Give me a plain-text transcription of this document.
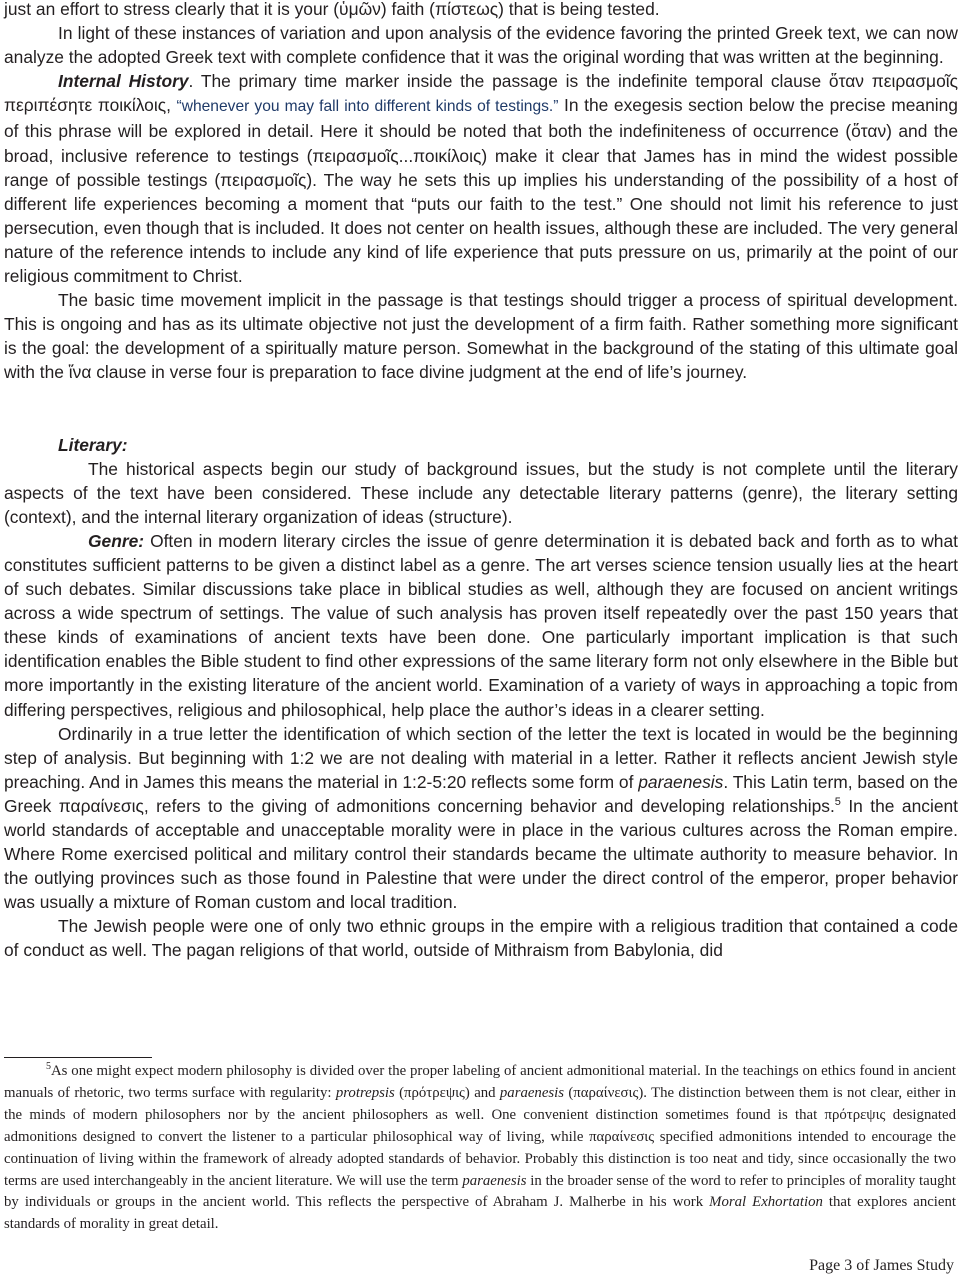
just an effort to stress clearly that it is your (ὑμῶν) faith (πίστεως) that is being tested.

In light of these instances of variation and upon analysis of the evidence favoring the printed Greek text, we can now analyze the adopted Greek text with complete confidence that it was the original wording that was written at the beginning.

Internal History. The primary time marker inside the passage is the indefinite temporal clause ὅταν πειρασμοῖς περιπέσητε ποικίλοις, “whenever you may fall into different kinds of testings.” In the exegesis section below the precise meaning of this phrase will be explored in detail. Here it should be noted that both the indefiniteness of occurrence (ὅταν) and the broad, inclusive reference to testings (πειρασμοῖς...ποικίλοις) make it clear that James has in mind the widest possible range of possible testings (πειρασμοῖς). The way he sets this up implies his understanding of the possibility of a host of different life experiences becoming a moment that “puts our faith to the test.” One should not limit his reference to just persecution, even though that is included. It does not center on health issues, although these are included. The very general nature of the reference intends to include any kind of life experience that puts pressure on us, primarily at the point of our religious commitment to Christ.

The basic time movement implicit in the passage is that testings should trigger a process of spiritual development. This is ongoing and has as its ultimate objective not just the development of a firm faith. Rather something more significant is the goal: the development of a spiritually mature person. Somewhat in the background of the stating of this ultimate goal with the ἵνα clause in verse four is preparation to face divine judgment at the end of life’s journey.

Literary:

The historical aspects begin our study of background issues, but the study is not complete until the literary aspects of the text have been considered. These include any detectable literary patterns (genre), the literary setting (context), and the internal literary organization of ideas (structure).

Genre: Often in modern literary circles the issue of genre determination it is debated back and forth as to what constitutes sufficient patterns to be given a distinct label as a genre. The art verses science tension usually lies at the heart of such debates. Similar discussions take place in biblical studies as well, although they are focused on ancient writings across a wide spectrum of settings. The value of such analysis has proven itself repeatedly over the past 150 years that these kinds of examinations of ancient texts have been done. One particularly important implication is that such identification enables the Bible student to find other expressions of the same literary form not only elsewhere in the Bible but more importantly in the existing literature of the ancient world. Examination of a variety of ways in approaching a topic from differing perspectives, religious and philosophical, help place the author’s ideas in a clearer setting.

Ordinarily in a true letter the identification of which section of the letter the text is located in would be the beginning step of analysis. But beginning with 1:2 we are not dealing with material in a letter. Rather it reflects ancient Jewish style preaching. And in James this means the material in 1:2-5:20 reflects some form of paraenesis. This Latin term, based on the Greek παραίνεσις, refers to the giving of admonitions concerning behavior and developing relationships.$^5$ In the ancient world standards of acceptable and unacceptable morality were in place in the various cultures across the Roman empire. Where Rome exercised political and military control their standards became the ultimate authority to measure behavior. In the outlying provinces such as those found in Palestine that were under the direct control of the emperor, proper behavior was usually a mixture of Roman custom and local tradition.

The Jewish people were one of only two ethnic groups in the empire with a religious tradition that contained a code of conduct as well. The pagan religions of that world, outside of Mithraism from Babylonia, did

$^5$As one might expect modern philosophy is divided over the proper labeling of ancient admonitional material. In the teachings on ethics found in ancient manuals of rhetoric, two terms surface with regularity: protrepsis (πρότρεψις) and paraenesis (παραίνεσις). The distinction between them is not clear, either in the minds of modern philosophers nor by the ancient philosophers as well. One convenient distinction sometimes found is that πρότρεψις designated admonitions designed to convert the listener to a particular philosophical way of living, while παραίνεσις specified admonitions intended to encourage the continuation of living within the framework of already adopted standards of behavior. Probably this distinction is too neat and tidy, since occasionally the two terms are used interchangeably in the ancient literature. We will use the term paraenesis in the broader sense of the word to refer to principles of morality taught by individuals or groups in the ancient world. This reflects the perspective of Abraham J. Malherbe in his work Moral Exhortation that explores ancient standards of morality in great detail.

Page 3 of James Study
